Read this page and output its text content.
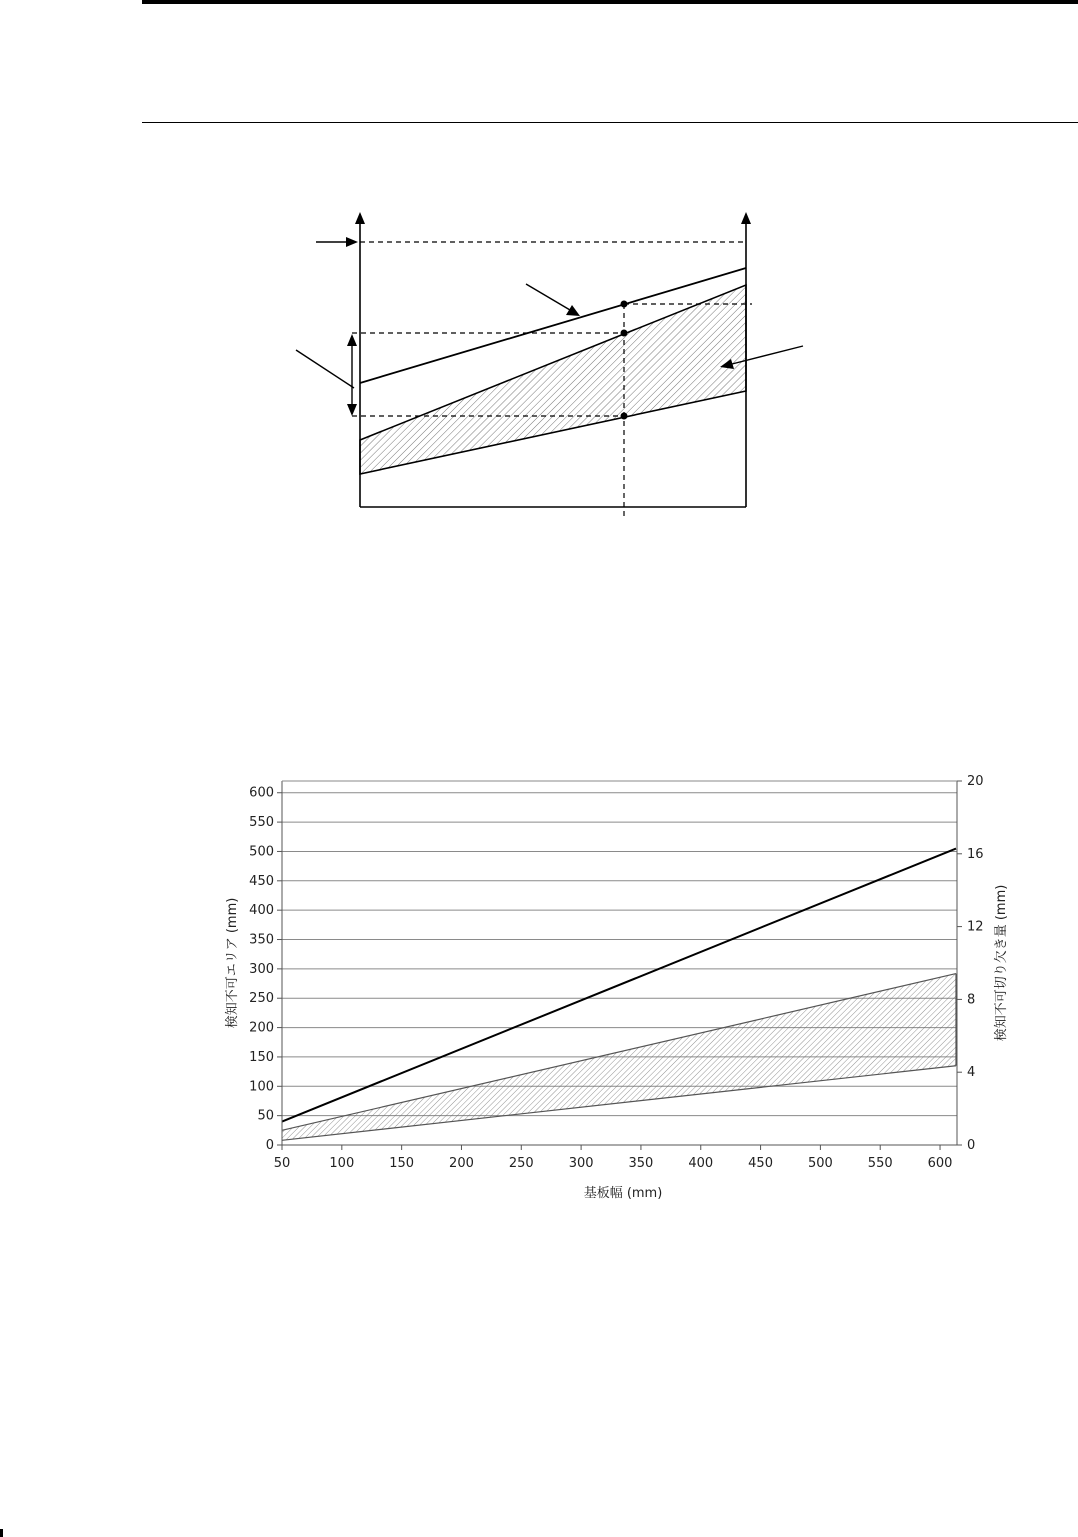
0
50
100
150
200
250
300
350
400
450
500
550
600
0
4
8
12
16
20
50	100	150	200	250	300	350	400	450	500	550	600
基板幅 (mm)
検知不可エリア (mm)	検知不可切り欠き量 (mm)
